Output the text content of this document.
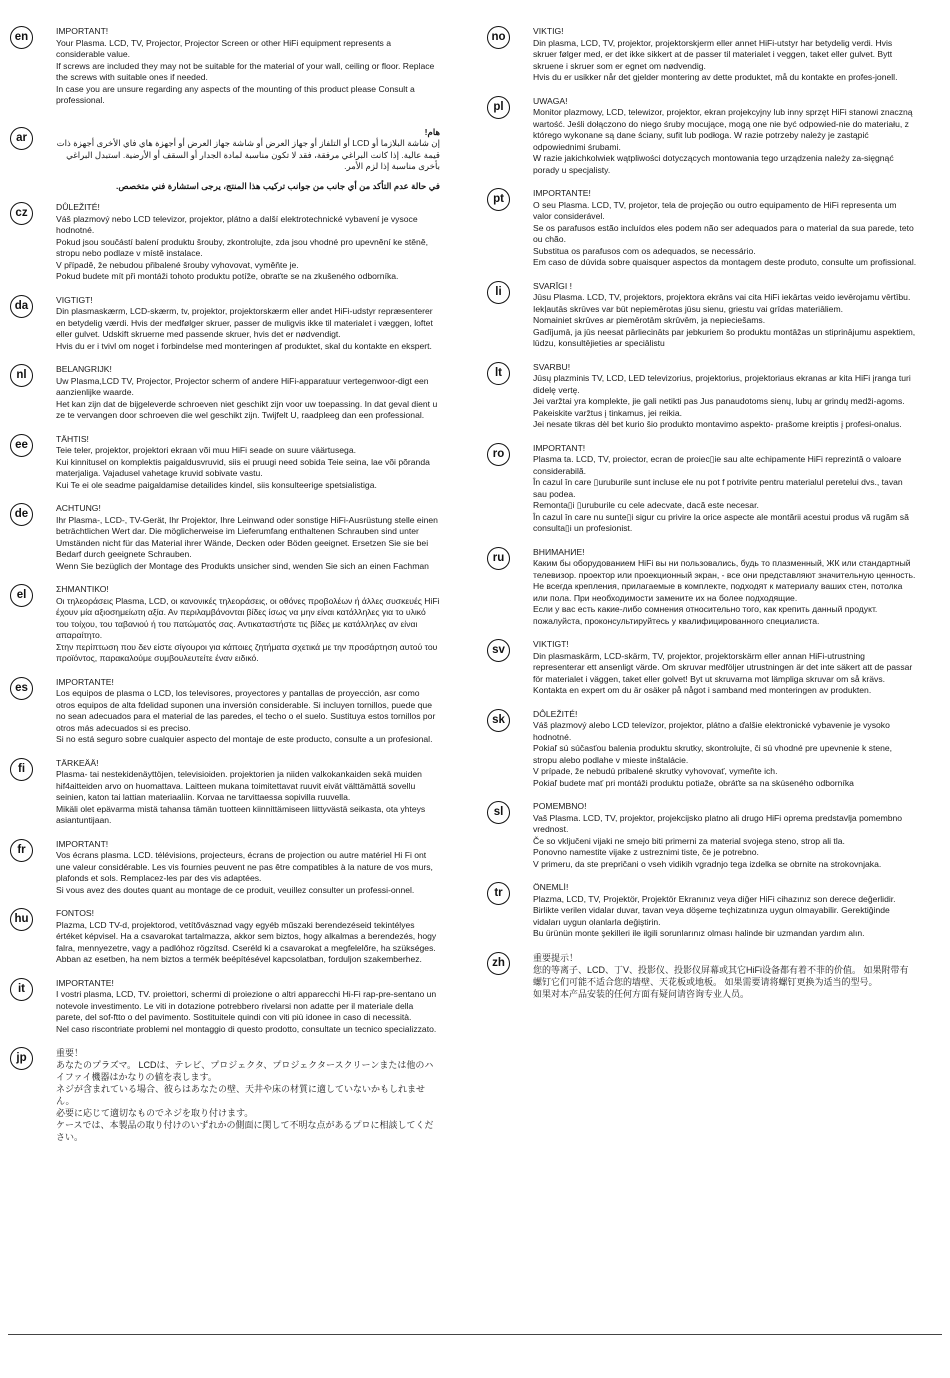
en	IMPORTANT!

Your Plasma. LCD, TV, Projector, Projector Screen or other HiFi equipment represents a considerable value.

If screws are included they may not be suitable for the material of your wall, ceiling or floor. Replace the screws with suitable ones if needed.

In case you are unsure regarding any aspects of the mounting of this product please Consult a professional.

ar	هام!

إن شاشة البلازما أو LCD أو التلفاز أو جهاز العرض أو شاشة جهاز العرض أو أجهزة هاي فاي الأخرى أجهزة ذات قيمة عالية. إذا كانت البراغي مرفقة، فقد لا تكون مناسبة لمادة الجدار أو السقف أو الأرضية. استبدل البراغي بأخرى مناسبة إذا لزم الأمر.

في حالة عدم التأكد من أي جانب من جوانب تركيب هذا المنتج، يرجى استشارة فني متخصص.

cz	DŮLEŽITÉ!

Váš plazmový nebo LCD televizor, projektor, plátno a další elektrotechnické vybavení je vysoce hodnotné.

Pokud jsou součástí balení produktu šrouby, zkontrolujte, zda jsou vhodné pro upevnění ke stěně, stropu nebo podlaze v místě instalace.

V případě, že nebudou přibalené šrouby vyhovovat, vyměňte je.

Pokud budete mít při montáži tohoto produktu potíže, obraťte se na zkušeného odborníka.

da	VIGTIGT!

Din plasmaskærm, LCD-skærm, tv, projektor, projektorskærm eller andet HiFi-udstyr repræsenterer en betydelig værdi. Hvis der medfølger skruer, passer de muligvis ikke til materialet i væggen, loftet eller gulvet. Udskift skruerne med passende skruer, hvis det er nødvendigt.

Hvis du er i tvivl om noget i forbindelse med monteringen af produktet, skal du kontakte en ekspert.

nl	BELANGRIJK!

Uw Plasma,LCD TV, Projector, Projector scherm of andere HiFi-apparatuur vertegenwoor-digt een aanzienlijke waarde.

Het kan zijn dat de bijgeleverde schroeven niet geschikt zijn voor uw toepassing. In dat geval dient u ze te vervangen door schroeven die wel geschikt zijn. Twijfelt U, raadpleeg dan een professional.

ee	TÄHTIS!

Teie teler, projektor, projektori ekraan või muu HiFi seade on suure väärtusega.

Kui kinnitusel on komplektis paigaldusvruvid, siis ei pruugi need sobida Teie seina, lae või põranda materjaliga. Vajadusel vahetage kruvid sobivate vastu.

Kui Te ei ole seadme paigaldamise detailides kindel, siis konsulteerige spetsialistiga.

de	ACHTUNG!

Ihr Plasma-, LCD-, TV-Gerät, Ihr Projektor, Ihre Leinwand oder sonstige HiFi-Ausrüstung stelle einen beträchtlichen Wert dar. Die möglicherweise im Lieferumfang enthaltenen Schrauben sind unter Umständen nicht für das Material ihrer Wände, Decken oder Böden geeignet. Ersetzen Sie sie bei Bedarf durch geeignete Schrauben.

Wenn Sie bezüglich der Montage des Produkts unsicher sind, wenden Sie sich an einen Fachman

el	ΣΗΜΑΝΤΙΚΟ!

Οι τηλεοράσεις Plasma, LCD, οι κανονικές τηλεοράσεις, οι οθόνες προβολέων ή άλλες συσκευές HiFi έχουν μία αξιοσημείωτη αξία. Αν περιλαμβάνονται βίδες ίσως να μην είναι κατάλληλες για το υλικό του τοίχου, του ταβανιού ή του πατώματός σας. Αντικαταστήστε τις βίδες με κατάλληλες αν είναι απαραίτητο.

Στην περίπτωση που δεν είστε σίγουροι για κάποιες ζητήματα σχετικά με την προσάρτηση αυτού του προϊόντος, παρακαλούμε συμβουλευτείτε έναν ειδικό.

es	IMPORTANTE!

Los equipos de plasma o LCD, los televisores, proyectores y pantallas de proyección, asr como otros equipos de alta fdelidad suponen una inversión considerable. Si incluyen tornillos, puede que no sean adecuados para el material de las paredes, el techo o el suelo. Sustituya estos tornillos por otros más adecuados si es preciso.

Si no está seguro sobre cualquier aspecto del montaje de este producto, consulte a un profesional.

fi	TÄRKEÄÄ!

Plasma- tai nestekidenäyttöjen, televisioiden. projektorien ja niiden valkokankaiden sekä muiden hif4aitteiden arvo on huomattava. Laitteen mukana toimitettavat ruuvit eivät välttämättä sovellu seinien, katon tai lattian materiaaliin. Korvaa ne tarvittaessa sopivilla ruuvella.

Mikäli olet epävarma mistä tahansa tämän tuotteen kiinnittämiseen liittyvästä seikasta, ota yhteys asiantuntijaan.

fr	IMPORTANT!

Vos écrans plasma. LCD. télévisions, projecteurs, écrans de projection ou autre matériel Hi Fi ont une valeur considérable. Les vis fournies peuvent ne pas être compatibles à la nature de vos murs, plafonds et sols. Remplacez-les par des vis adaptées.

Si vous avez des doutes quant au montage de ce produit, veuillez consulter un professi-onnel.

hu	FONTOS!

Plazma, LCD TV-d, projektorod, vetítővásznad vagy egyéb műszaki berendezéseid tekintélyes értéket képvisel. Ha a csavarokat tartalmazza, akkor sem biztos, hogy alkalmas a berendezés, hogy falra, mennyezetre, vagy a padlóhoz rögzítsd. Cseréld ki a csavarokat a megfelelőre, ha szükséges. Abban az esetben, ha nem biztos a termék beépítésével kapcsolatban, forduljon szakemberhez.

it	IMPORTANTE!

I vostri plasma, LCD, TV. proiettori, schermi di proiezione o altri apparecchi Hi-Fi rap-pre-sentano un notevole investimento. Le viti in dotazione potrebbero rivelarsi non adatte per il materiale della parete, del sof-ftto o del pavimento. Sostituitele quindi con viti più idonee in caso di necessità.

Nel caso riscontriate problemi nel montaggio di questo prodotto, consultate un tecnico specializzato.

jp	重要！

あなたのプラズマ。 LCDは、テレビ、プロジェクタ、プロジェクタースクリーンまたは他のハイファイ機器はかなりの値を表します。

ネジが含まれている場合、彼らはあなたの壁、天井や床の材質に適していないかもしれません。

必要に応じて適切なものでネジを取り付けます。

ケースでは、本製品の取り付けのいずれかの側面に関して不明な点があるプロに相談してください。

no	VIKTIG!

Din plasma, LCD, TV, projektor, projektorskjerm eller annet HiFi-utstyr har betydelig verdi. Hvis skruer følger med, er det ikke sikkert at de passer til materialet i veggen, taket eller gulvet. Bytt skruene i skruer som er egnet om nødvendig.

Hvis du er usikker når det gjelder montering av dette produktet, må du kontakte en profes-jonell.

pl	UWAGA!

Monitor plazmowy, LCD, telewizor, projektor, ekran projekcyjny lub inny sprzęt HiFi stanowi znaczną wartość. Jeśli dołączono do niego śruby mocujące, mogą one nie być odpowied-nie do materiału, z którego wykonane są dane ściany, sufit lub podłoga. W razie potrzeby należy je zastąpić odpowiednimi śrubami.

W razie jakichkolwiek wątpliwości dotyczących montowania tego urządzenia należy za-sięgnąć porady u specjalisty.

pt	IMPORTANTE!

O seu Plasma. LCD, TV, projetor, tela de projeção ou outro equipamento de HiFi representa um valor considerável.

Se os parafusos estão incluídos eles podem não ser adequados para o material da sua parede, teto ou chão.

Substitua os parafusos com os adequados, se necessário.

Em caso de dúvida sobre quaisquer aspectos da montagem deste produto, consulte um profissional.

li	SVARĪGI !

Jūsu Plasma. LCD, TV, projektors, projektora ekrāns vai cita HiFi iekārtas veido ievērojamu vērtību.

Iekļautās skrūves var būt nepiemērotas jūsu sienu, griestu vai grīdas materiāliem.

Nomainiet skrūves ar piemērotām skrūvēm, ja nepieciešams.

Gadījumā, ja jūs neesat pārliecināts par jebkuriem šo produktu montāžas un stiprinājumu aspektiem, lūdzu, konsultējieties ar speciālistu

lt	SVARBU!

Jūsų plazminis TV, LCD, LED televizorius, projektorius, projektoriaus ekranas ar kita HiFi įranga turi didelę vertę.

Jei varžtai yra komplekte, jie gali netikti pas Jus panaudotoms sienų, lubų ar grindų medži-agoms.

Pakeiskite varžtus į tinkamus, jei reikia.

Jei nesate tikras dėl bet kurio šio produkto montavimo aspekto- prašome kreiptis į profesi-onalus.

ro	IMPORTANT!

Plasma ta. LCD, TV, proiector, ecran de proiec▯ie sau alte echipamente HiFi reprezintă o valoare considerabilă.

În cazul în care ▯uruburile sunt incluse ele nu pot f potrivite pentru materialul peretelui dvs., tavan sau podea.

Remonta▯i ▯uruburile cu cele adecvate, dacă este necesar.

În cazul în care nu sunte▯i sigur cu privire la orice aspecte ale montării acestui produs vă rugăm să consulta▯i un profesionist.

ru	ВНИМАНИЕ!

Каким бы оборудованием HiFi вы ни пользовались, будь то плазменный, ЖК или стандартный телевизор. проектор или проекционный экран, - все они представляют значительную ценность. Не всегда крепления, прилагаемые в комплекте, подходят к материалу ваших стен, потолка или пола. При необходимости замените их на более подходящие.

Если у вас есть какие-либо сомнения относительно того, как крепить данный продукт. пожалуйста, проконсультируйтесь у квалифицированного специалиста.

sv	VIKTIGT!

Din plasmaskärm, LCD-skärm, TV, projektor, projektorskärm eller annan HiFi-utrustning representerar ett ansenligt värde. Om skruvar medföljer utrustningen är det inte säkert att de passar för materialet i väggen, taket eller golvet! Byt ut skruvarna mot lämpliga skruvar om så krävs. Kontakta en expert om du är osäker på något i samband med monteringen av produkten.

sk	DÔLEŽITÉ!

Váš plazmový alebo LCD televízor, projektor, plátno a ďalšie elektronické vybavenie je vysoko hodnotné.

Pokiaľ sú súčasťou balenia produktu skrutky, skontrolujte, či sú vhodné pre upevnenie k stene, stropu alebo podlahe v mieste inštalácie.

V prípade, že nebudú pribalené skrutky vyhovovať, vymeňte ich.

Pokiaľ budete mať pri montáži produktu potiaže, obráťte sa na skúseného odborníka

sl	POMEMBNO!

Vaš Plasma. LCD, TV, projektor, projekcijsko platno ali drugo HiFi oprema predstavlja pomembno vrednost.

Če so vključeni vijaki ne smejo biti primerni za material svojega steno, strop ali tla.

Ponovno namestite vijake z ustreznimi tiste, če je potrebno.

V primeru, da ste prepričani o vseh vidikih vgradnjo tega izdelka se obrnite na strokovnjaka.

tr	ÖNEMLİ!

Plazma, LCD, TV, Projektör, Projektör Ekranınız veya diğer HiFi cihazınız son derece değerlidir. Birlikte verilen vidalar duvar, tavan veya döşeme teçhizatınıza uygun olmayabilir. Gerektiğinde vidaları uygun olanlarla değiştirin.

Bu ürünün monte şekilleri ile ilgili sorunlarınız olması halinde bir uzmandan yardım alın.

zh	重要提示！

您的等离子、LCD、丁V、投影仪、投影仪屏幕或其它HiFi设备都有着不菲的价值。 如果附带有螺钉它们可能不适合您的墙壁、天花板或地板。 如果需要请将螺钉更换为适当的型号。

如果对本产品安装的任何方面有疑问请咨询专业人员。
